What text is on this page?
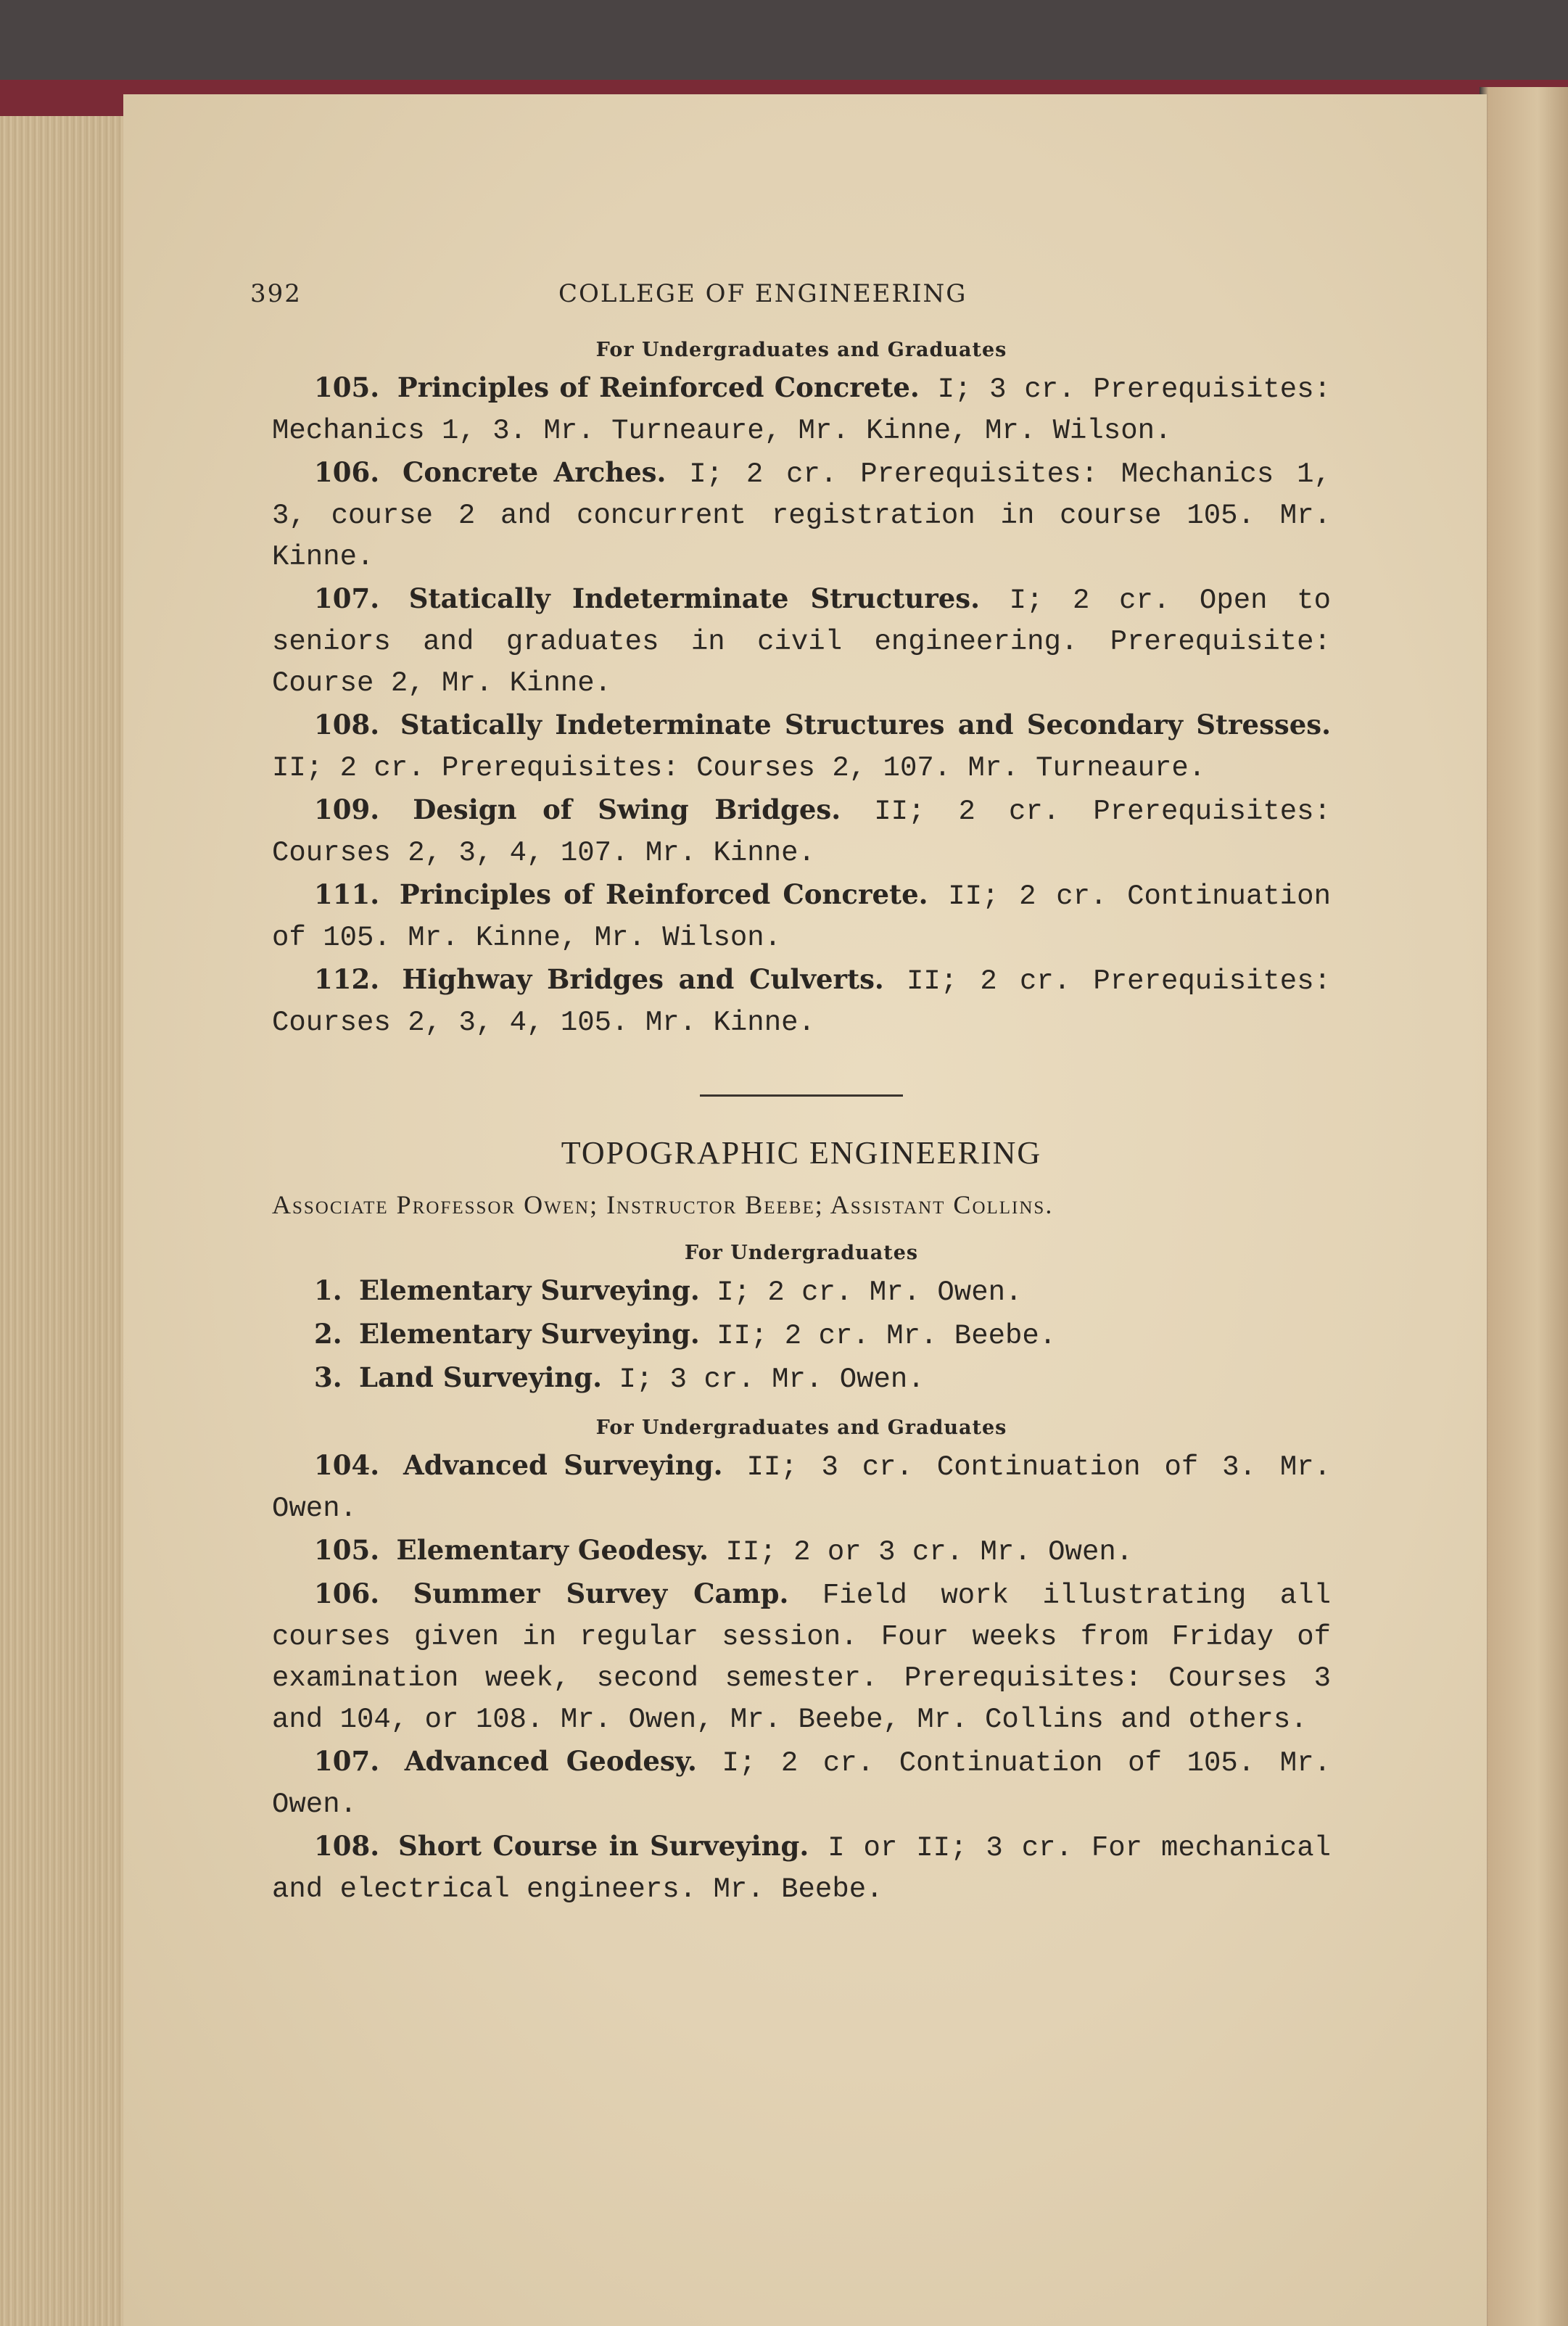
392	COLLEGE OF ENGINEERING
For Undergraduates and Graduates

105. Principles of Reinforced Concrete. I; 3 cr. Prerequisites: Mechanics 1, 3. Mr. Turneaure, Mr. Kinne, Mr. Wilson.

106. Concrete Arches. I; 2 cr. Prerequisites: Mechanics 1, 3, course 2 and concurrent registration in course 105. Mr. Kinne.

107. Statically Indeterminate Structures. I; 2 cr. Open to seniors and graduates in civil engineering. Prerequisite: Course 2, Mr. Kinne.

108. Statically Indeterminate Structures and Secondary Stresses. II; 2 cr. Prerequisites: Courses 2, 107. Mr. Turneaure.

109. Design of Swing Bridges. II; 2 cr. Prerequisites: Courses 2, 3, 4, 107. Mr. Kinne.

111. Principles of Reinforced Concrete. II; 2 cr. Continuation of 105. Mr. Kinne, Mr. Wilson.

112. Highway Bridges and Culverts. II; 2 cr. Prerequisites: Courses 2, 3, 4, 105. Mr. Kinne.

TOPOGRAPHIC ENGINEERING

Associate Professor Owen; Instructor Beebe; Assistant Collins.

For Undergraduates

1. Elementary Surveying. I; 2 cr. Mr. Owen.

2. Elementary Surveying. II; 2 cr. Mr. Beebe.

3. Land Surveying. I; 3 cr. Mr. Owen.

For Undergraduates and Graduates

104. Advanced Surveying. II; 3 cr. Continuation of 3. Mr. Owen.

105. Elementary Geodesy. II; 2 or 3 cr. Mr. Owen.

106. Summer Survey Camp. Field work illustrating all courses given in regular session. Four weeks from Friday of examination week, second semester. Prerequisites: Courses 3 and 104, or 108. Mr. Owen, Mr. Beebe, Mr. Collins and others.

107. Advanced Geodesy. I; 2 cr. Continuation of 105. Mr. Owen.

108. Short Course in Surveying. I or II; 3 cr. For mechanical and electrical engineers. Mr. Beebe.
